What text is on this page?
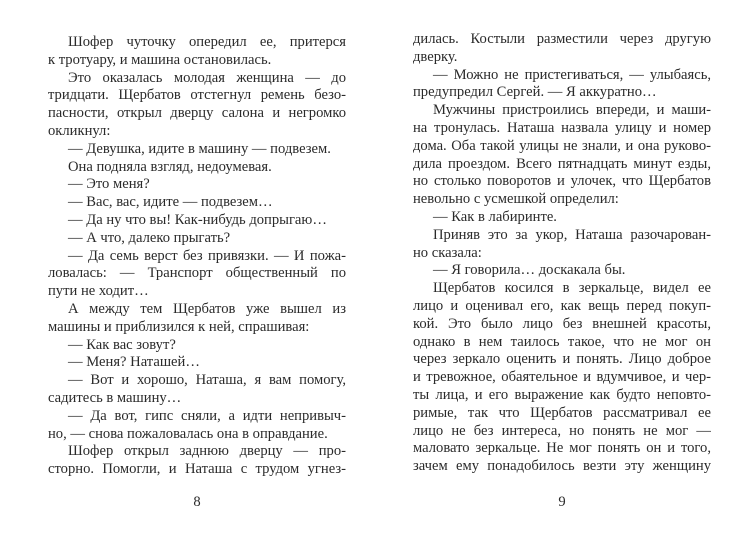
Шофер чуточку опередил ее, притерся
к тротуару, и машина остановилась.
Это оказалась молодая женщина — до
тридцати. Щербатов отстегнул ремень безо-
пасности, открыл дверцу салона и негромко
окликнул:
— Девушка, идите в машину — подвезем.
Она подняла взгляд, недоумевая.
— Это меня?
— Вас, вас, идите — подвезем…
— Да ну что вы! Как-нибудь допрыгаю…
— А что, далеко прыгать?
— Да семь верст без привязки. — И пожа-
ловалась: — Транспорт общественный по
пути не ходит…
А между тем Щербатов уже вышел из
машины и приблизился к ней, спрашивая:
— Как вас зовут?
— Меня? Наташей…
— Вот и хорошо, Наташа, я вам помогу,
садитесь в машину…
— Да вот, гипс сняли, а идти непривыч-
но, — снова пожаловалась она в оправдание.
Шофер открыл заднюю дверцу — про-
сторно. Помогли, и Наташа с трудом угнез-
8
дилась. Костыли разместили через другую
дверку.
— Можно не пристегиваться, — улыбаясь,
предупредил Сергей. — Я аккуратно…
Мужчины пристроились впереди, и маши-
на тронулась. Наташа назвала улицу и номер
дома. Оба такой улицы не знали, и она руково-
дила проездом. Всего пятнадцать минут езды,
но столько поворотов и улочек, что Щербатов
невольно с усмешкой определил:
— Как в лабиринте.
Приняв это за укор, Наташа разочарован-
но сказала:
— Я говорила… доскакала бы.
Щербатов косился в зеркальце, видел ее
лицо и оценивал его, как вещь перед покуп-
кой. Это было лицо без внешней красоты,
однако в нем таилось такое, что не мог он
через зеркало оценить и понять. Лицо доброе
и тревожное, обаятельное и вдумчивое, и чер-
ты лица, и его выражение как будто неповто-
римые, так что Щербатов рассматривал ее
лицо не без интереса, но понять не мог —
маловато зеркальце. Не мог понять он и того,
зачем ему понадобилось везти эту женщину
9
